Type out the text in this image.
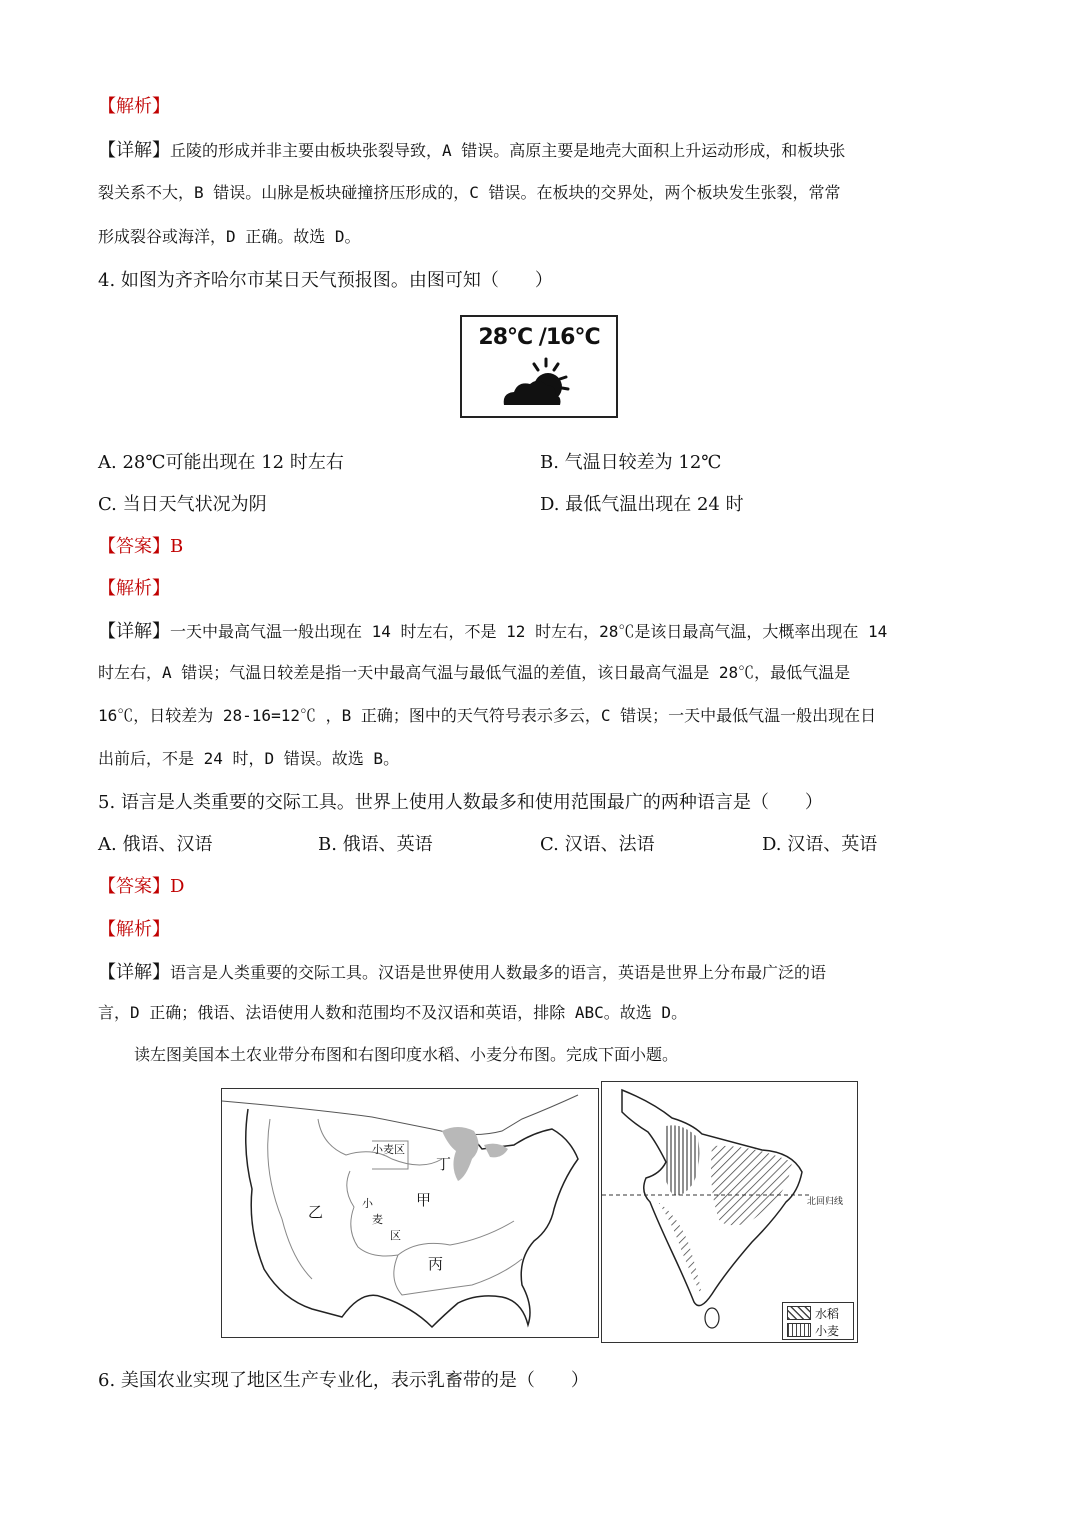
【解析】
【详解】丘陵的形成并非主要由板块张裂导致，A 错误。高原主要是地壳大面积上升运动形成，和板块张
裂关系不大，B 错误。山脉是板块碰撞挤压形成的，C 错误。在板块的交界处，两个板块发生张裂，常常
形成裂谷或海洋，D 正确。故选 D。
4. 如图为齐齐哈尔市某日天气预报图。由图可知（　　）
28°C /16°C
A. 28℃可能出现在 12 时左右	B. 气温日较差为 12℃
C. 当日天气状况为阴	D. 最低气温出现在 24 时
【答案】B
【解析】
【详解】一天中最高气温一般出现在 14 时左右，不是 12 时左右，28℃是该日最高气温，大概率出现在 14
时左右，A 错误；气温日较差是指一天中最高气温与最低气温的差值，该日最高气温是 28℃，最低气温是
16℃，日较差为 28-16=12℃ ，B 正确；图中的天气符号表示多云，C 错误；一天中最低气温一般出现在日
出前后，不是 24 时，D 错误。故选 B。
5. 语言是人类重要的交际工具。世界上使用人数最多和使用范围最广的两种语言是（　　）
A. 俄语、汉语	B. 俄语、英语	C. 汉语、法语	D. 汉语、英语
【答案】D
【解析】
【详解】语言是人类重要的交际工具。汉语是世界使用人数最多的语言，英语是世界上分布最广泛的语
言，D 正确；俄语、法语使用人数和范围均不及汉语和英语，排除 ABC。故选 D。
读左图美国本土农业带分布图和右图印度水稻、小麦分布图。完成下面小题。
小麦区
丁
甲
乙
丙
小
麦
区
北回归线
水稻
小麦
6. 美国农业实现了地区生产专业化，表示乳畜带的是（　　）
